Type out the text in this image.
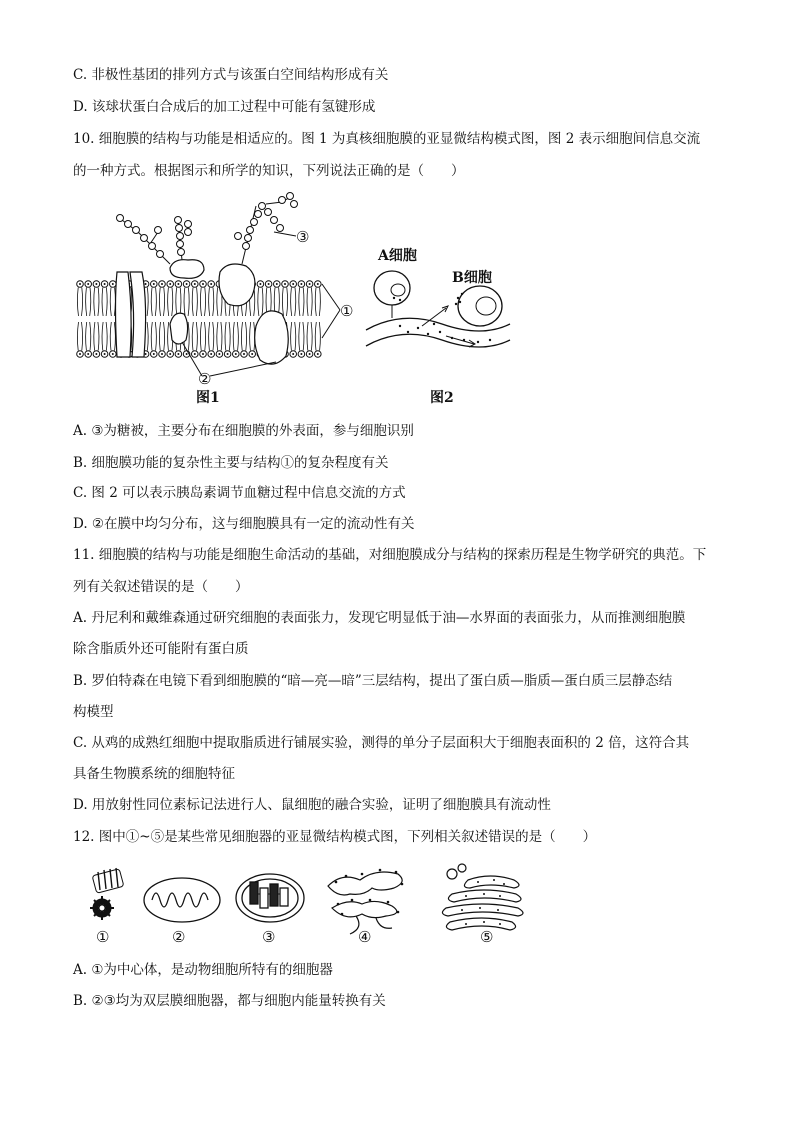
C. 非极性基团的排列方式与该蛋白空间结构形成有关
D. 该球状蛋白合成后的加工过程中可能有氢键形成
10. 细胞膜的结构与功能是相适应的。图 1 为真核细胞膜的亚显微结构模式图，图 2 表示细胞间信息交流
的一种方式。根据图示和所学的知识，下列说法正确的是（　　）
③
①
②
图1
A细胞
B细胞
图2
A. ③为糖被，主要分布在细胞膜的外表面，参与细胞识别
B. 细胞膜功能的复杂性主要与结构①的复杂程度有关
C. 图 2 可以表示胰岛素调节血糖过程中信息交流的方式
D. ②在膜中均匀分布，这与细胞膜具有一定的流动性有关
11. 细胞膜的结构与功能是细胞生命活动的基础，对细胞膜成分与结构的探索历程是生物学研究的典范。下
列有关叙述错误的是（　　）
A. 丹尼利和戴维森通过研究细胞的表面张力，发现它明显低于油—水界面的表面张力，从而推测细胞膜
除含脂质外还可能附有蛋白质
B. 罗伯特森在电镜下看到细胞膜的“暗—亮—暗”三层结构，提出了蛋白质—脂质—蛋白质三层静态结
构模型
C. 从鸡的成熟红细胞中提取脂质进行铺展实验，测得的单分子层面积大于细胞表面积的 2 倍，这符合其
具备生物膜系统的细胞特征
D. 用放射性同位素标记法进行人、鼠细胞的融合实验，证明了细胞膜具有流动性
12. 图中①~⑤是某些常见细胞器的亚显微结构模式图，下列相关叙述错误的是（　　）
①	②	③	④	⑤
A. ①为中心体，是动物细胞所特有的细胞器
B. ②③均为双层膜细胞器，都与细胞内能量转换有关
